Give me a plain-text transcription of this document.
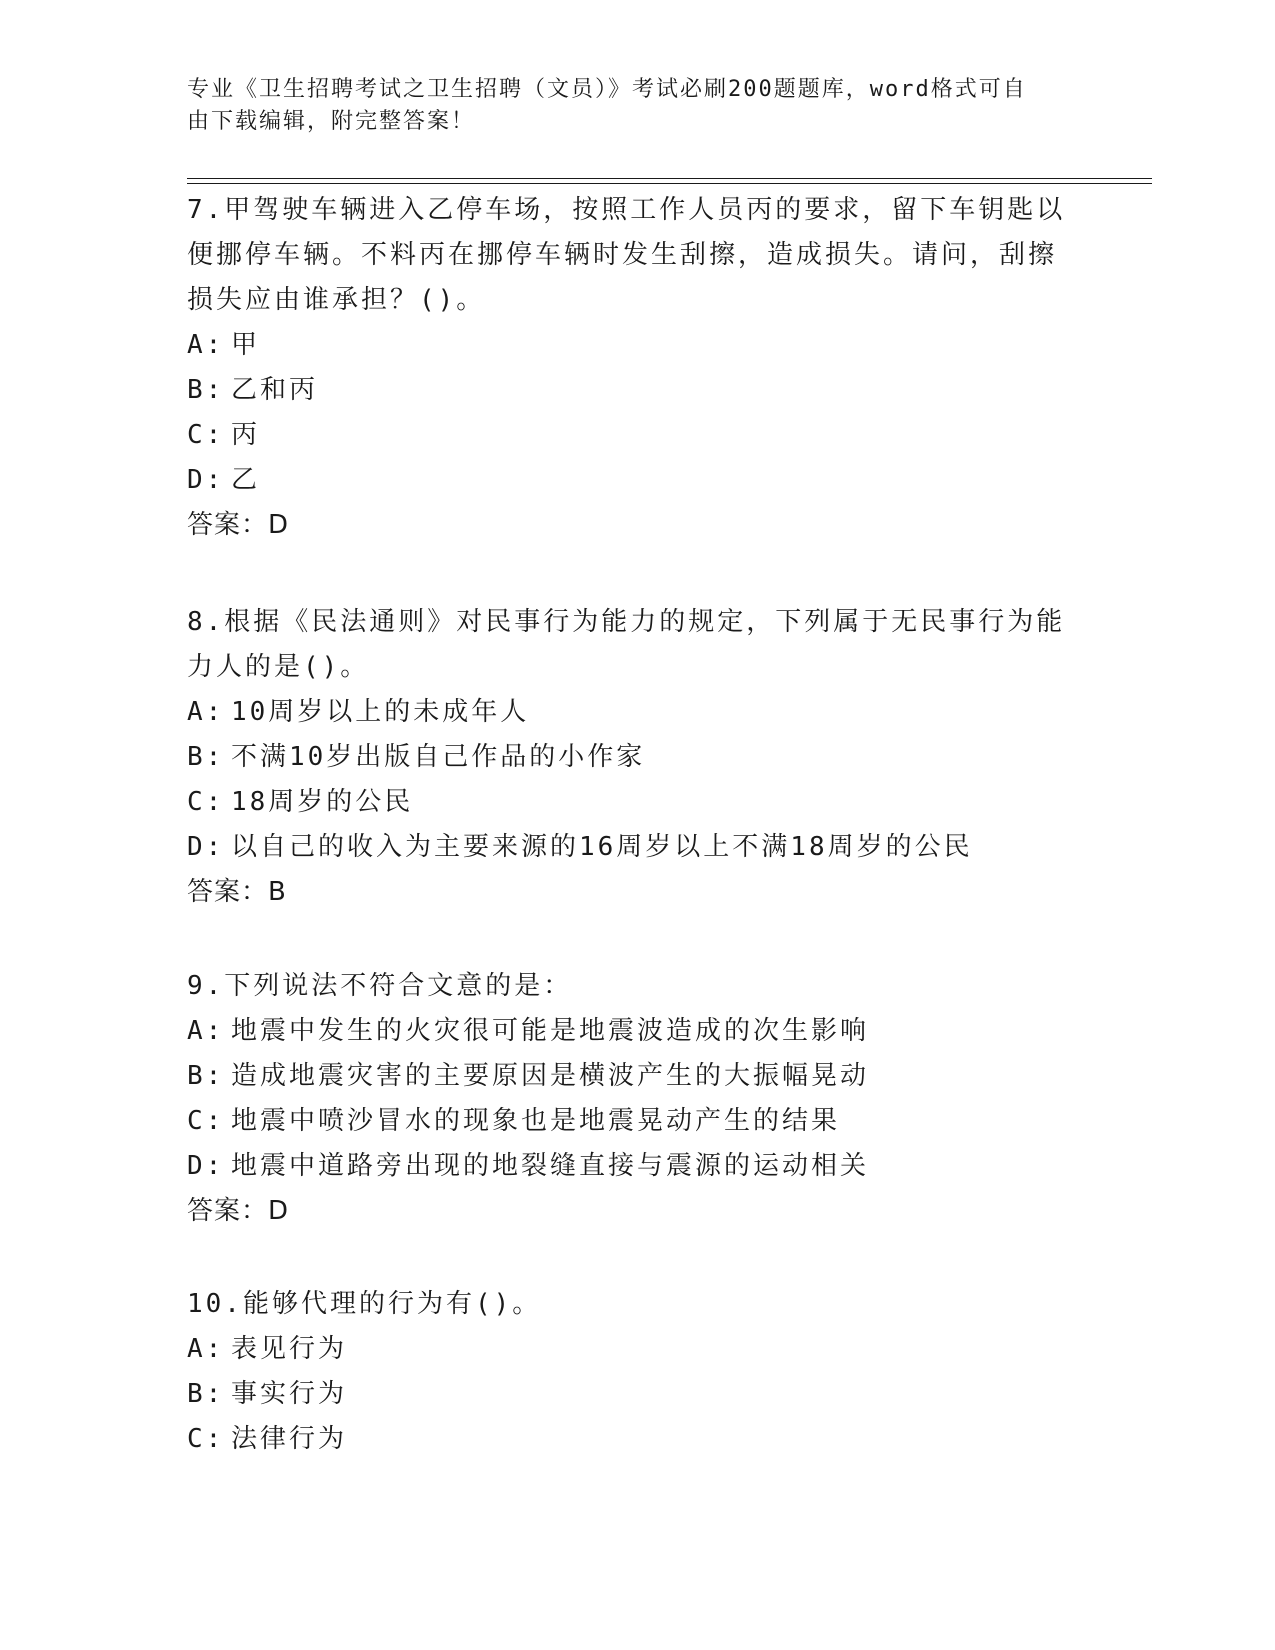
专业《卫生招聘考试之卫生招聘（文员）》考试必刷200题题库，word格式可自
由下载编辑，附完整答案！

7.甲驾驶车辆进入乙停车场，按照工作人员丙的要求，留下车钥匙以

便挪停车辆。不料丙在挪停车辆时发生刮擦，造成损失。请问，刮擦

损失应由谁承担？()。

A: 甲

B: 乙和丙

C: 丙

D: 乙

答案：D

8.根据《民法通则》对民事行为能力的规定，下列属于无民事行为能

力人的是()。

A: 10周岁以上的未成年人

B: 不满10岁出版自己作品的小作家

C: 18周岁的公民

D: 以自己的收入为主要来源的16周岁以上不满18周岁的公民

答案：B

9.下列说法不符合文意的是：

A: 地震中发生的火灾很可能是地震波造成的次生影响

B: 造成地震灾害的主要原因是横波产生的大振幅晃动

C: 地震中喷沙冒水的现象也是地震晃动产生的结果

D: 地震中道路旁出现的地裂缝直接与震源的运动相关

答案：D

10.能够代理的行为有()。

A: 表见行为

B: 事实行为

C: 法律行为
